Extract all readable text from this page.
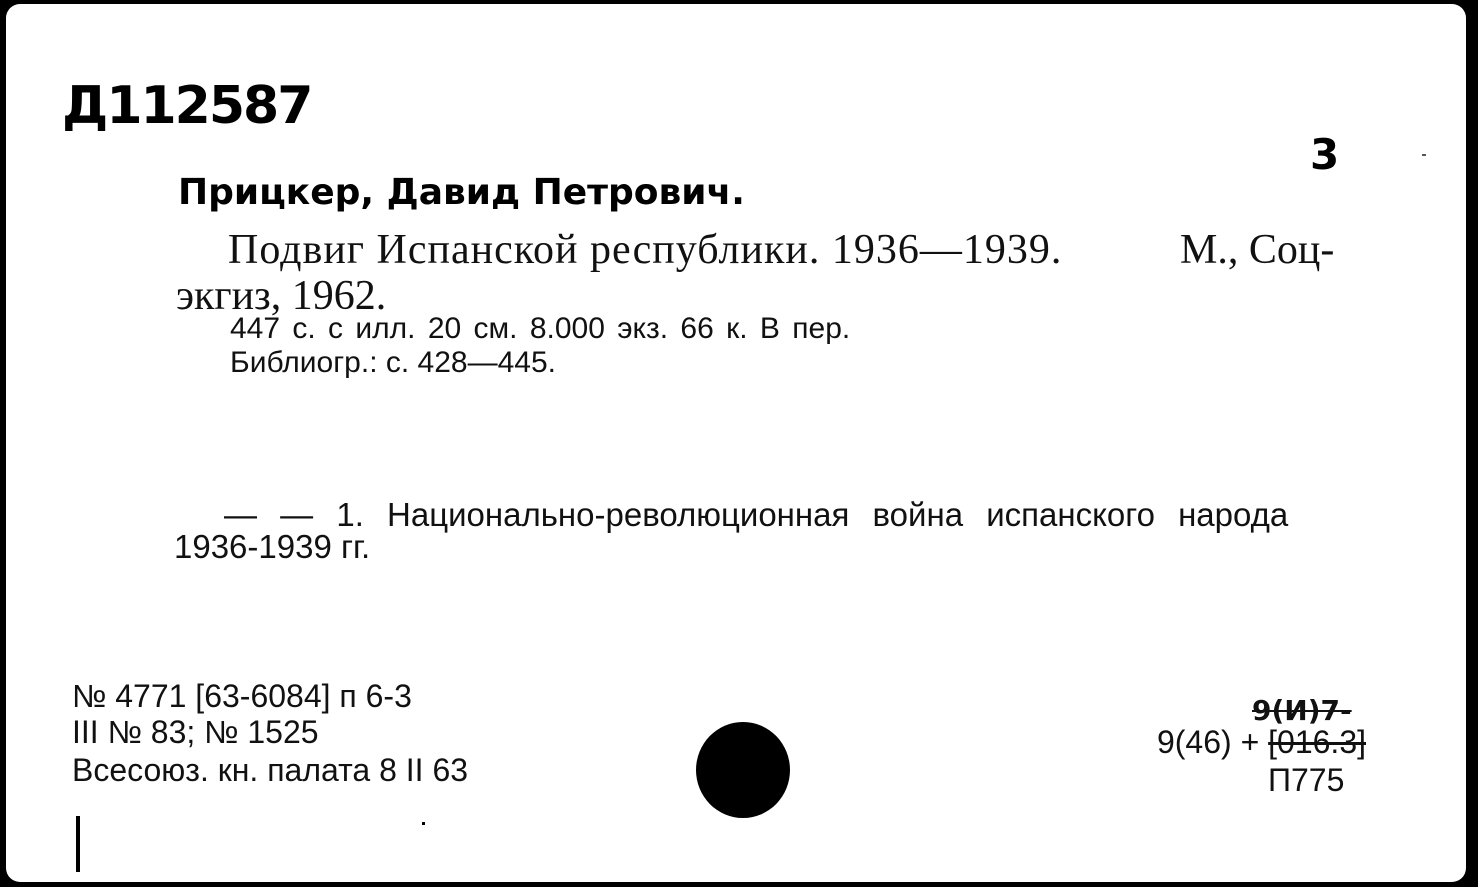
Д112587
3
Прицкер, Давид Петрович.
Подвиг Испанской республики. 1936—1939.	М., Соц-
экгиз, 1962.
447 с. с илл. 20 см. 8.000 экз. 66 к. В пер.
Библиогр.: с. 428—445.
— — 1. Национально-революционная война испанского народа
1936-1939 гг.
№ 4771 [63-6084] п 6-3
III № 83; № 1525
Всесоюз. кн. палата 8 II 63
9(И)7-
9(46) + [016.3]
П775
